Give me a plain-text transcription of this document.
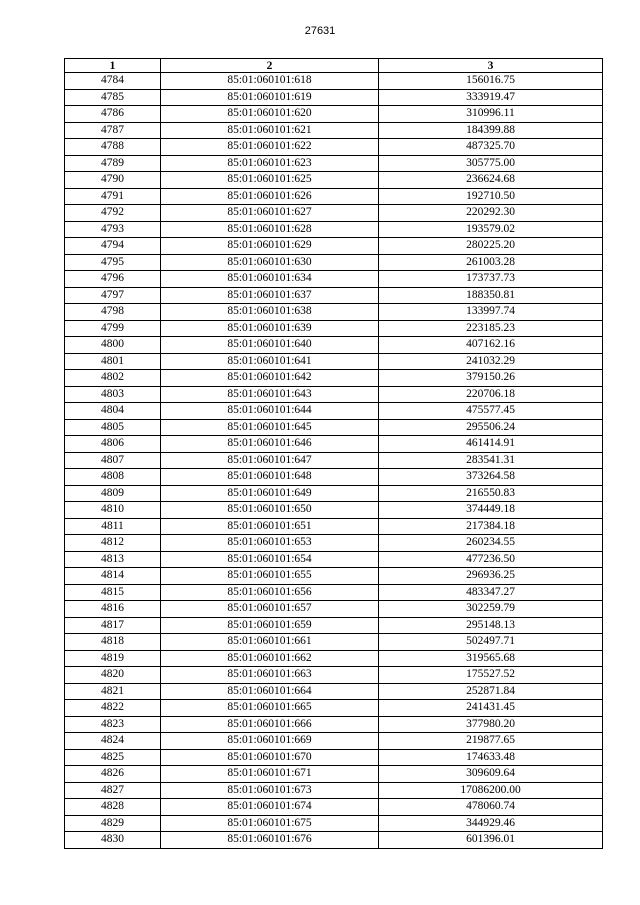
27631
1	2	3
4784	85:01:060101:618	156016.75
4785	85:01:060101:619	333919.47
4786	85:01:060101:620	310996.11
4787	85:01:060101:621	184399.88
4788	85:01:060101:622	487325.70
4789	85:01:060101:623	305775.00
4790	85:01:060101:625	236624.68
4791	85:01:060101:626	192710.50
4792	85:01:060101:627	220292.30
4793	85:01:060101:628	193579.02
4794	85:01:060101:629	280225.20
4795	85:01:060101:630	261003.28
4796	85:01:060101:634	173737.73
4797	85:01:060101:637	188350.81
4798	85:01:060101:638	133997.74
4799	85:01:060101:639	223185.23
4800	85:01:060101:640	407162.16
4801	85:01:060101:641	241032.29
4802	85:01:060101:642	379150.26
4803	85:01:060101:643	220706.18
4804	85:01:060101:644	475577.45
4805	85:01:060101:645	295506.24
4806	85:01:060101:646	461414.91
4807	85:01:060101:647	283541.31
4808	85:01:060101:648	373264.58
4809	85:01:060101:649	216550.83
4810	85:01:060101:650	374449.18
4811	85:01:060101:651	217384.18
4812	85:01:060101:653	260234.55
4813	85:01:060101:654	477236.50
4814	85:01:060101:655	296936.25
4815	85:01:060101:656	483347.27
4816	85:01:060101:657	302259.79
4817	85:01:060101:659	295148.13
4818	85:01:060101:661	502497.71
4819	85:01:060101:662	319565.68
4820	85:01:060101:663	175527.52
4821	85:01:060101:664	252871.84
4822	85:01:060101:665	241431.45
4823	85:01:060101:666	377980.20
4824	85:01:060101:669	219877.65
4825	85:01:060101:670	174633.48
4826	85:01:060101:671	309609.64
4827	85:01:060101:673	17086200.00
4828	85:01:060101:674	478060.74
4829	85:01:060101:675	344929.46
4830	85:01:060101:676	601396.01
